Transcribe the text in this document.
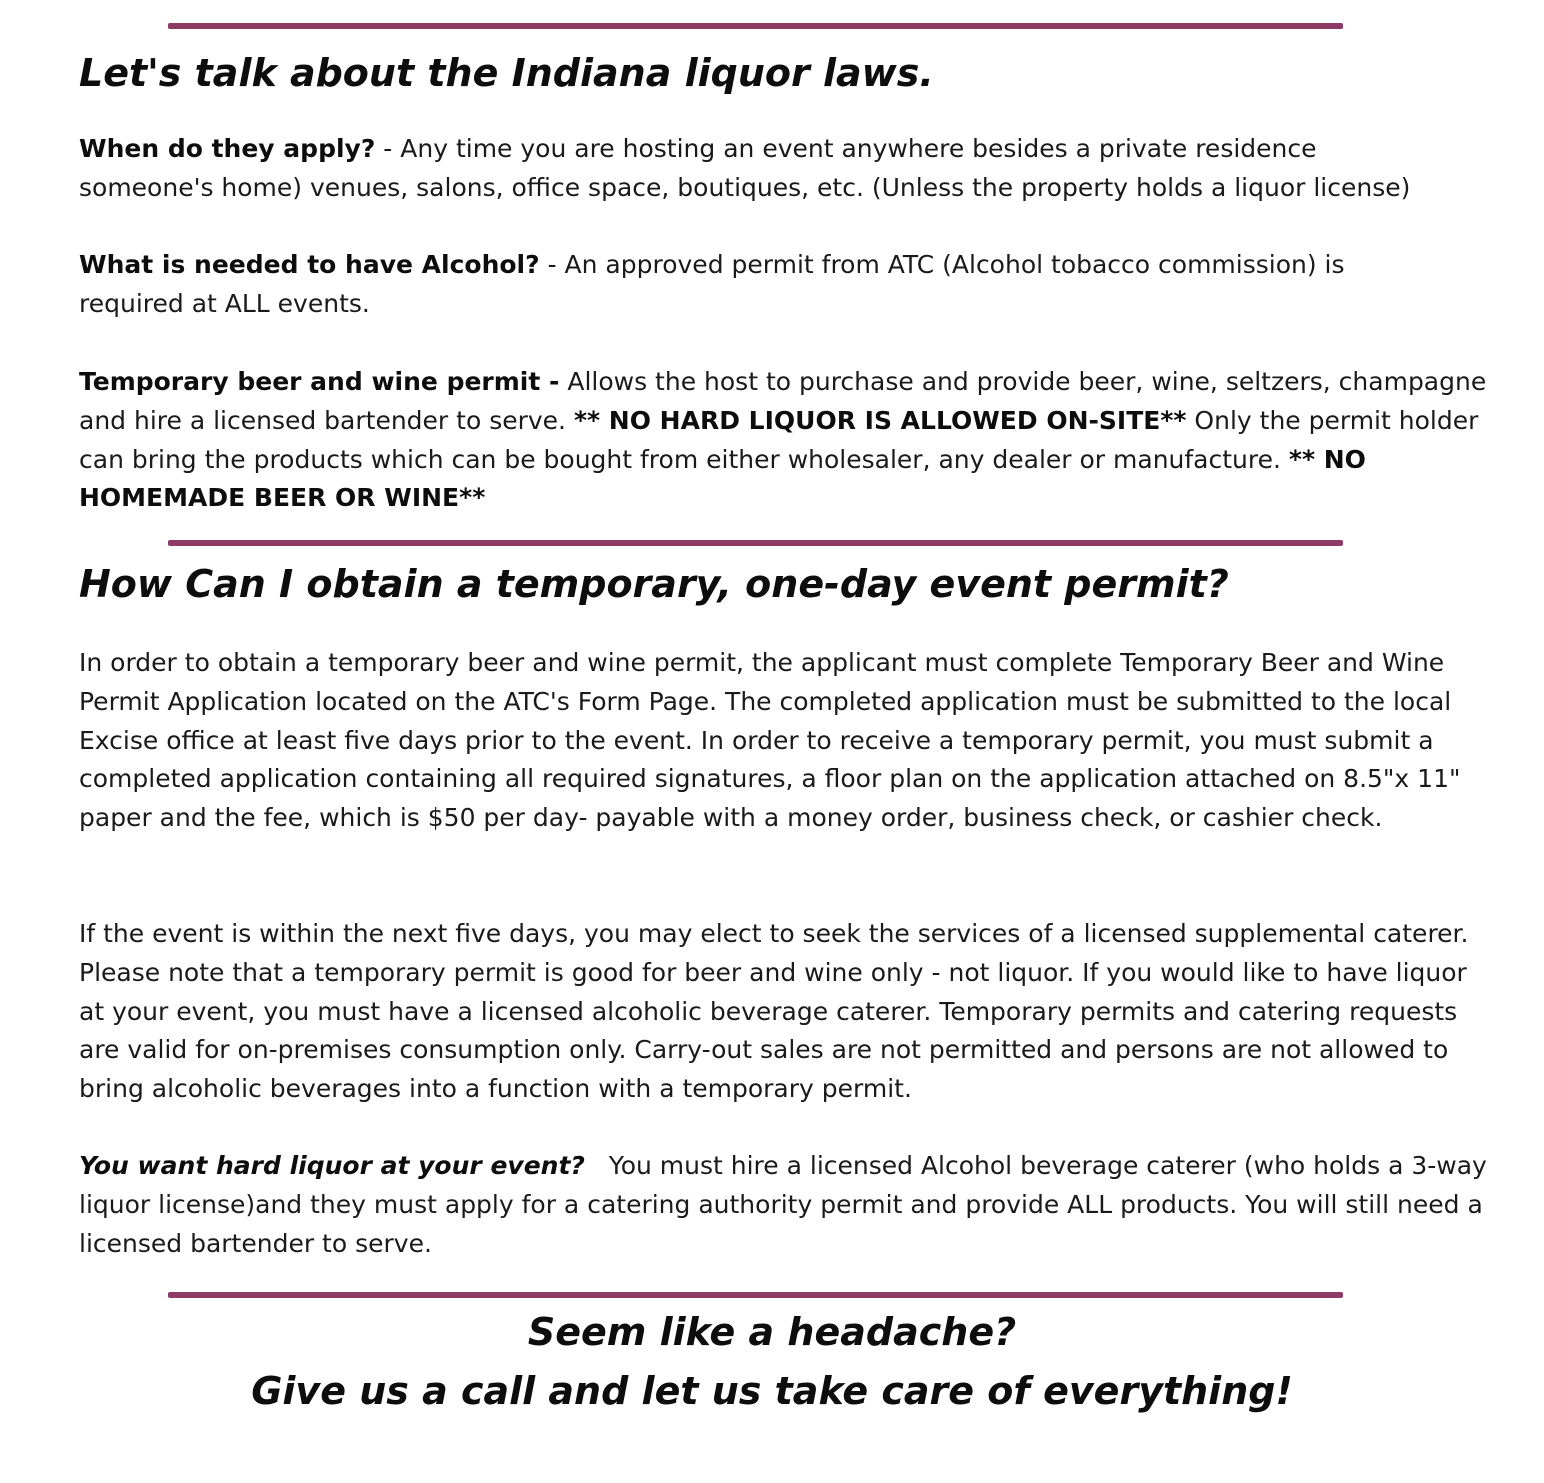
Let's talk about the Indiana liquor laws.

When do they apply? - Any time you are hosting an event anywhere besides a private residence
someone's home) venues, salons, office space, boutiques, etc. (Unless the property holds a liquor license)

What is needed to have Alcohol? - An approved permit from ATC (Alcohol tobacco commission) is required at ALL events.

Temporary beer and wine permit - Allows the host to purchase and provide beer, wine, seltzers, champagne and hire a licensed bartender to serve. ** NO HARD LIQUOR IS ALLOWED ON-SITE** Only the permit holder can bring the products which can be bought from either wholesaler, any dealer or manufacture. ** NO HOMEMADE BEER OR WINE**

How Can I obtain a temporary, one-day event permit?

In order to obtain a temporary beer and wine permit, the applicant must complete Temporary Beer and Wine Permit Application located on the ATC's Form Page. The completed application must be submitted to the local Excise office at least five days prior to the event. In order to receive a temporary permit, you must submit a completed application containing all required signatures, a floor plan on the application attached on 8.5"x 11" paper and the fee, which is $50 per day- payable with a money order, business check, or cashier check.

If the event is within the next five days, you may elect to seek the services of a licensed supplemental caterer. Please note that a temporary permit is good for beer and wine only - not liquor. If you would like to have liquor at your event, you must have a licensed alcoholic beverage caterer. Temporary permits and catering requests are valid for on-premises consumption only. Carry-out sales are not permitted and persons are not allowed to bring alcoholic beverages into a function with a temporary permit.

You want hard liquor at your event?   You must hire a licensed Alcohol beverage caterer (who holds a 3-way liquor license)and they must apply for a catering authority permit and provide ALL products. You will still need a licensed bartender to serve.

Seem like a headache?

Give us a call and let us take care of everything!
